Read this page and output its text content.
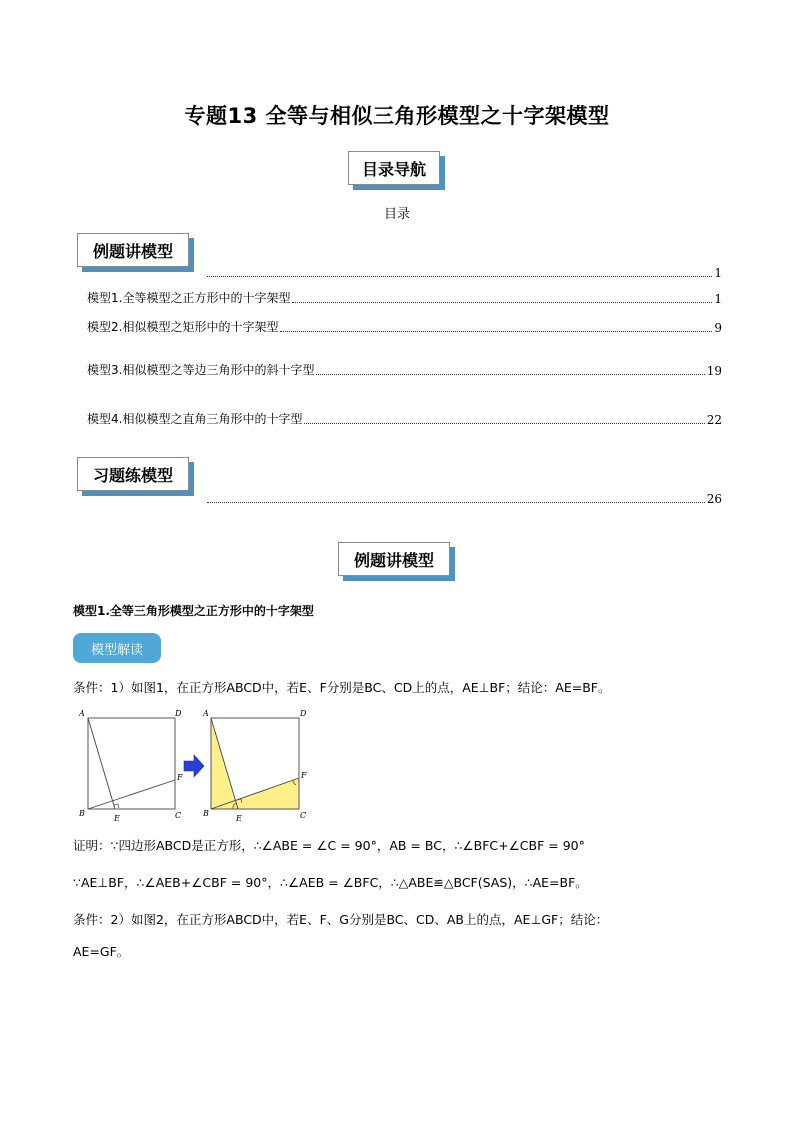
专题13 全等与相似三角形模型之十字架模型
目录导航
目录
例题讲模型
1
模型1.全等模型之正方形中的十字架型	1
模型2.相似模型之矩形中的十字架型	9
模型3.相似模型之等边三角形中的斜十字型	19
模型4.相似模型之直角三角形中的十字型	22
习题练模型
26
例题讲模型
模型1.全等三角形模型之正方形中的十字架型
模型解读
条件：1）如图1，在正方形ABCD中，若E、F分别是BC、CD上的点，AE⊥BF；结论：AE=BF。
A	D
B	C
E
F
A	D
B	C
E
F
证明：∵四边形ABCD是正方形，∴∠ABE = ∠C = 90°，AB = BC，∴∠BFC+∠CBF = 90°
∵AE⊥BF，∴∠AEB+∠CBF = 90°，∴∠AEB = ∠BFC，∴△ABE≌△BCF(SAS)，∴AE=BF。
条件：2）如图2，在正方形ABCD中，若E、F、G分别是BC、CD、AB上的点，AE⊥GF；结论：
AE=GF。
